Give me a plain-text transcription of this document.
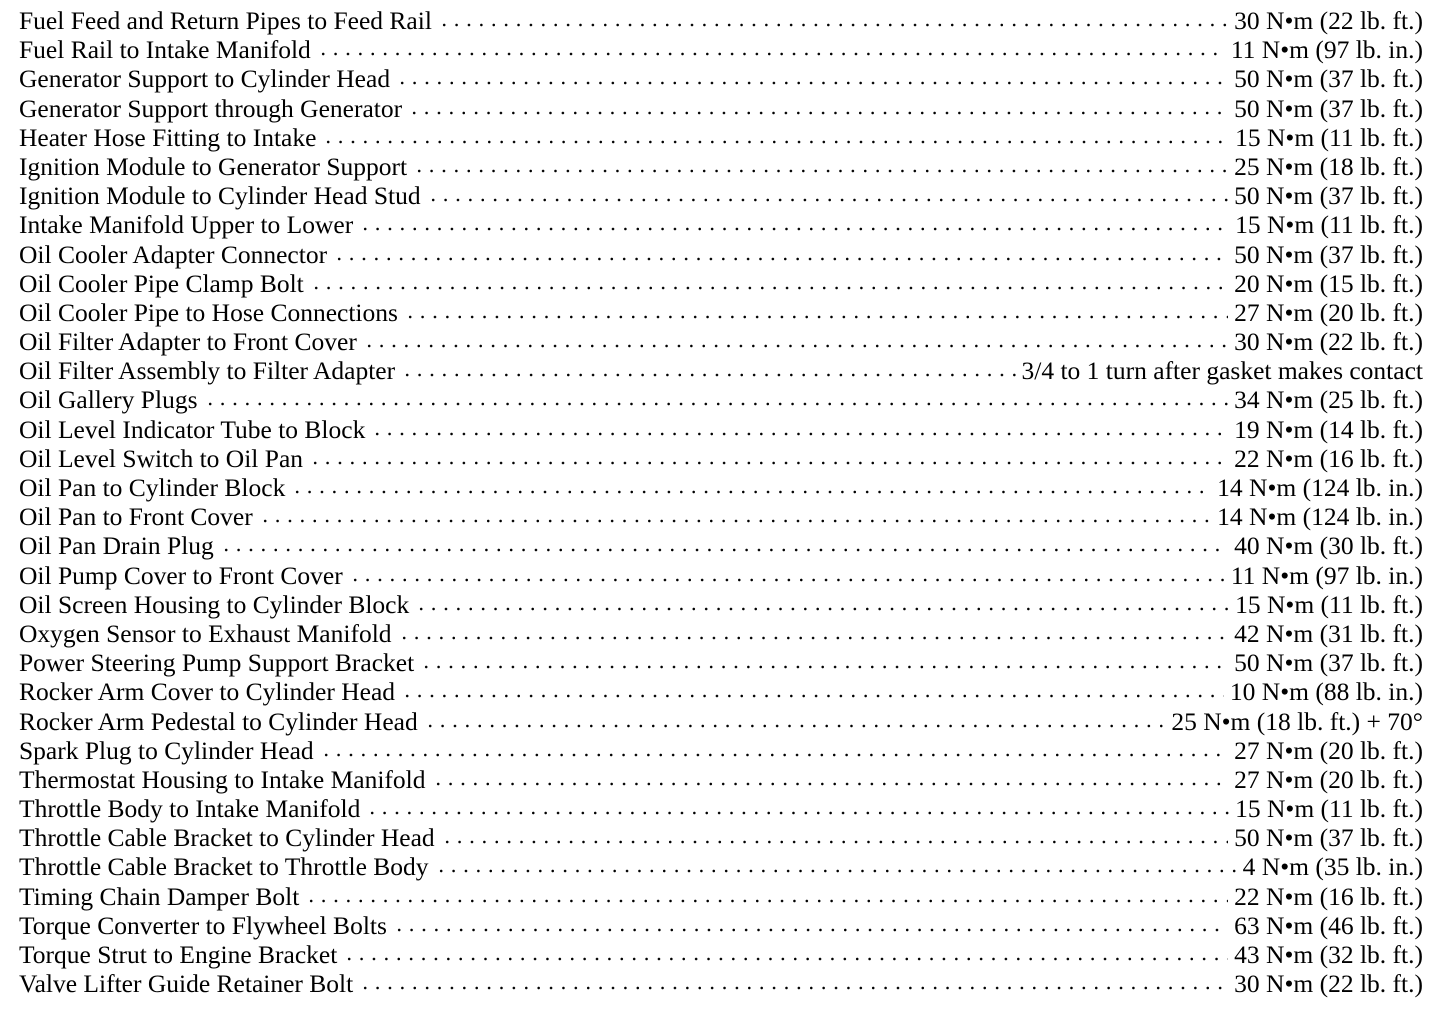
Fuel Feed and Return Pipes to Feed Rail	30 N•m (22 lb. ft.)
Fuel Rail to Intake Manifold	11 N•m (97 lb. in.)
Generator Support to Cylinder Head	50 N•m (37 lb. ft.)
Generator Support through Generator	50 N•m (37 lb. ft.)
Heater Hose Fitting to Intake	15 N•m (11 lb. ft.)
Ignition Module to Generator Support	25 N•m (18 lb. ft.)
Ignition Module to Cylinder Head Stud	50 N•m (37 lb. ft.)
Intake Manifold Upper to Lower	15 N•m (11 lb. ft.)
Oil Cooler Adapter Connector	50 N•m (37 lb. ft.)
Oil Cooler Pipe Clamp Bolt	20 N•m (15 lb. ft.)
Oil Cooler Pipe to Hose Connections	27 N•m (20 lb. ft.)
Oil Filter Adapter to Front Cover	30 N•m (22 lb. ft.)
Oil Filter Assembly to Filter Adapter	3/4 to 1 turn after gasket makes contact
Oil Gallery Plugs	34 N•m (25 lb. ft.)
Oil Level Indicator Tube to Block	19 N•m (14 lb. ft.)
Oil Level Switch to Oil Pan	22 N•m (16 lb. ft.)
Oil Pan to Cylinder Block	14 N•m (124 lb. in.)
Oil Pan to Front Cover	14 N•m (124 lb. in.)
Oil Pan Drain Plug	40 N•m (30 lb. ft.)
Oil Pump Cover to Front Cover	11 N•m (97 lb. in.)
Oil Screen Housing to Cylinder Block	15 N•m (11 lb. ft.)
Oxygen Sensor to Exhaust Manifold	42 N•m (31 lb. ft.)
Power Steering Pump Support Bracket	50 N•m (37 lb. ft.)
Rocker Arm Cover to Cylinder Head	10 N•m (88 lb. in.)
Rocker Arm Pedestal to Cylinder Head	25 N•m (18 lb. ft.) + 70°
Spark Plug to Cylinder Head	27 N•m (20 lb. ft.)
Thermostat Housing to Intake Manifold	27 N•m (20 lb. ft.)
Throttle Body to Intake Manifold	15 N•m (11 lb. ft.)
Throttle Cable Bracket to Cylinder Head	50 N•m (37 lb. ft.)
Throttle Cable Bracket to Throttle Body	4 N•m (35 lb. in.)
Timing Chain Damper Bolt	22 N•m (16 lb. ft.)
Torque Converter to Flywheel Bolts	63 N•m (46 lb. ft.)
Torque Strut to Engine Bracket	43 N•m (32 lb. ft.)
Valve Lifter Guide Retainer Bolt	30 N•m (22 lb. ft.)
